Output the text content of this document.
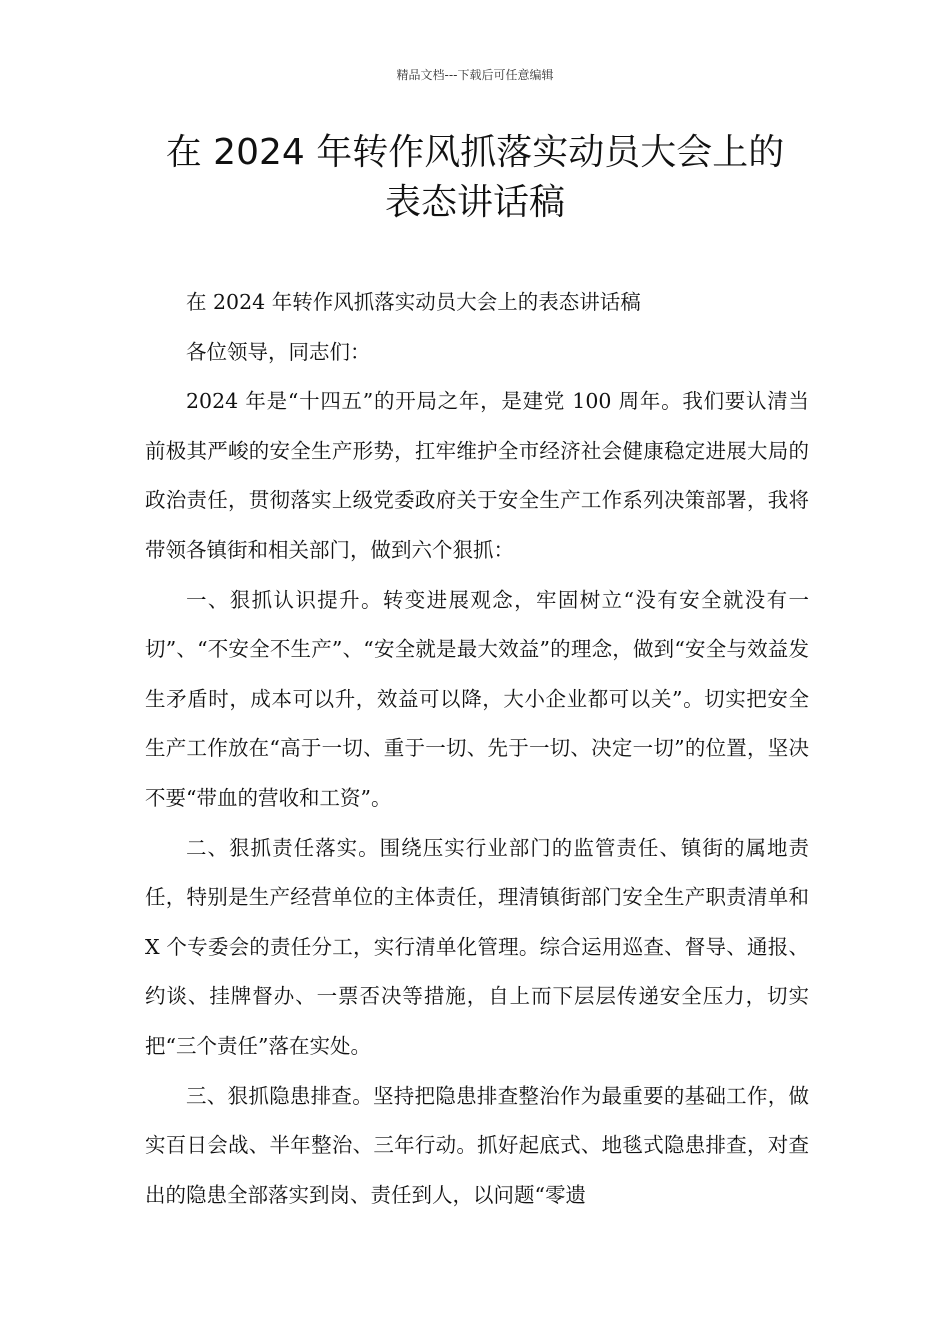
精品文档---下载后可任意编辑
在 2024 年转作风抓落实动员大会上的
表态讲话稿

在 2024 年转作风抓落实动员大会上的表态讲话稿

各位领导，同志们：

2024 年是“十四五”的开局之年，是建党 100 周年。我们要认清当前极其严峻的安全生产形势，扛牢维护全市经济社会健康稳定进展大局的政治责任，贯彻落实上级党委政府关于安全生产工作系列决策部署，我将带领各镇街和相关部门，做到六个狠抓：

一、狠抓认识提升。转变进展观念，牢固树立“没有安全就没有一切”、“不安全不生产”、“安全就是最大效益”的理念，做到“安全与效益发生矛盾时，成本可以升，效益可以降，大小企业都可以关”。切实把安全生产工作放在“高于一切、重于一切、先于一切、决定一切”的位置，坚决不要“带血的营收和工资”。

二、狠抓责任落实。围绕压实行业部门的监管责任、镇街的属地责任，特别是生产经营单位的主体责任，理清镇街部门安全生产职责清单和 X 个专委会的责任分工，实行清单化管理。综合运用巡查、督导、通报、约谈、挂牌督办、一票否决等措施，自上而下层层传递安全压力，切实把“三个责任”落在实处。

三、狠抓隐患排查。坚持把隐患排查整治作为最重要的基础工作，做实百日会战、半年整治、三年行动。抓好起底式、地毯式隐患排查，对查出的隐患全部落实到岗、责任到人，以问题“零遗
